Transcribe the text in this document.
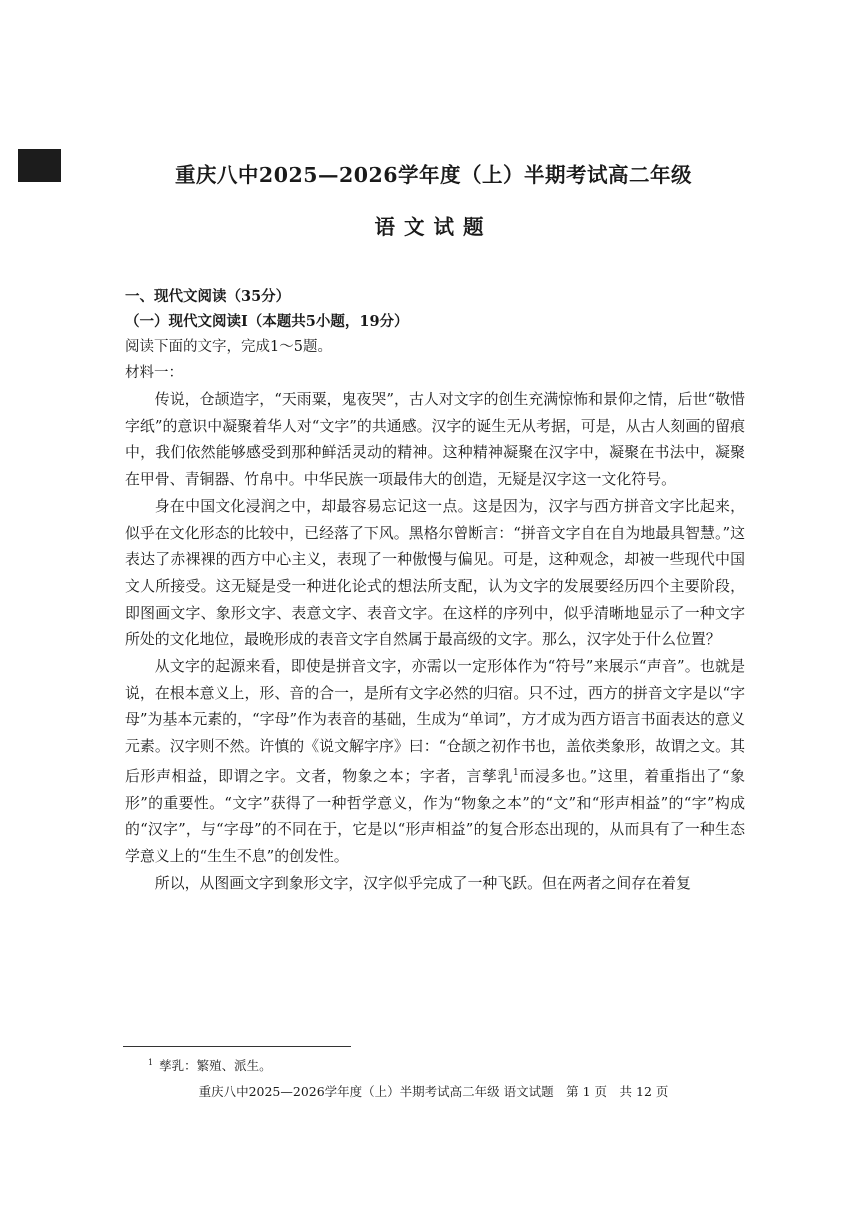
重庆八中2025—2026学年度（上）半期考试高二年级
语文试题
一、现代文阅读（35分）
（一）现代文阅读Ⅰ（本题共5小题，19分）
阅读下面的文字，完成1～5题。
材料一：

传说，仓颉造字，“天雨粟，鬼夜哭”，古人对文字的创生充满惊怖和景仰之情，后世“敬惜字纸”的意识中凝聚着华人对“文字”的共通感。汉字的诞生无从考据，可是，从古人刻画的留痕中，我们依然能够感受到那种鲜活灵动的精神。这种精神凝聚在汉字中，凝聚在书法中，凝聚在甲骨、青铜器、竹帛中。中华民族一项最伟大的创造，无疑是汉字这一文化符号。

身在中国文化浸润之中，却最容易忘记这一点。这是因为，汉字与西方拼音文字比起来，似乎在文化形态的比较中，已经落了下风。黑格尔曾断言：“拼音文字自在自为地最具智慧。”这表达了赤裸裸的西方中心主义，表现了一种傲慢与偏见。可是，这种观念，却被一些现代中国文人所接受。这无疑是受一种进化论式的想法所支配，认为文字的发展要经历四个主要阶段，即图画文字、象形文字、表意文字、表音文字。在这样的序列中，似乎清晰地显示了一种文字所处的文化地位，最晚形成的表音文字自然属于最高级的文字。那么，汉字处于什么位置？

从文字的起源来看，即使是拼音文字，亦需以一定形体作为“符号”来展示“声音”。也就是说，在根本意义上，形、音的合一，是所有文字必然的归宿。只不过，西方的拼音文字是以“字母”为基本元素的，“字母”作为表音的基础，生成为“单词”，方才成为西方语言书面表达的意义元素。汉字则不然。许慎的《说文解字序》曰：“仓颉之初作书也，盖依类象形，故谓之文。其后形声相益，即谓之字。文者，物象之本；字者，言孳乳$^1$而浸多也。”这里，着重指出了“象形”的重要性。“文字”获得了一种哲学意义，作为“物象之本”的“文”和“形声相益”的“字”构成的“汉字”，与“字母”的不同在于，它是以“形声相益”的复合形态出现的，从而具有了一种生态学意义上的“生生不息”的创发性。

所以，从图画文字到象形文字，汉字似乎完成了一种飞跃。但在两者之间存在着复

$^1$ 孳乳：繁殖、派生。
重庆八中2025—2026学年度（上）半期考试高二年级 语文试题　第 1 页　共 12 页
